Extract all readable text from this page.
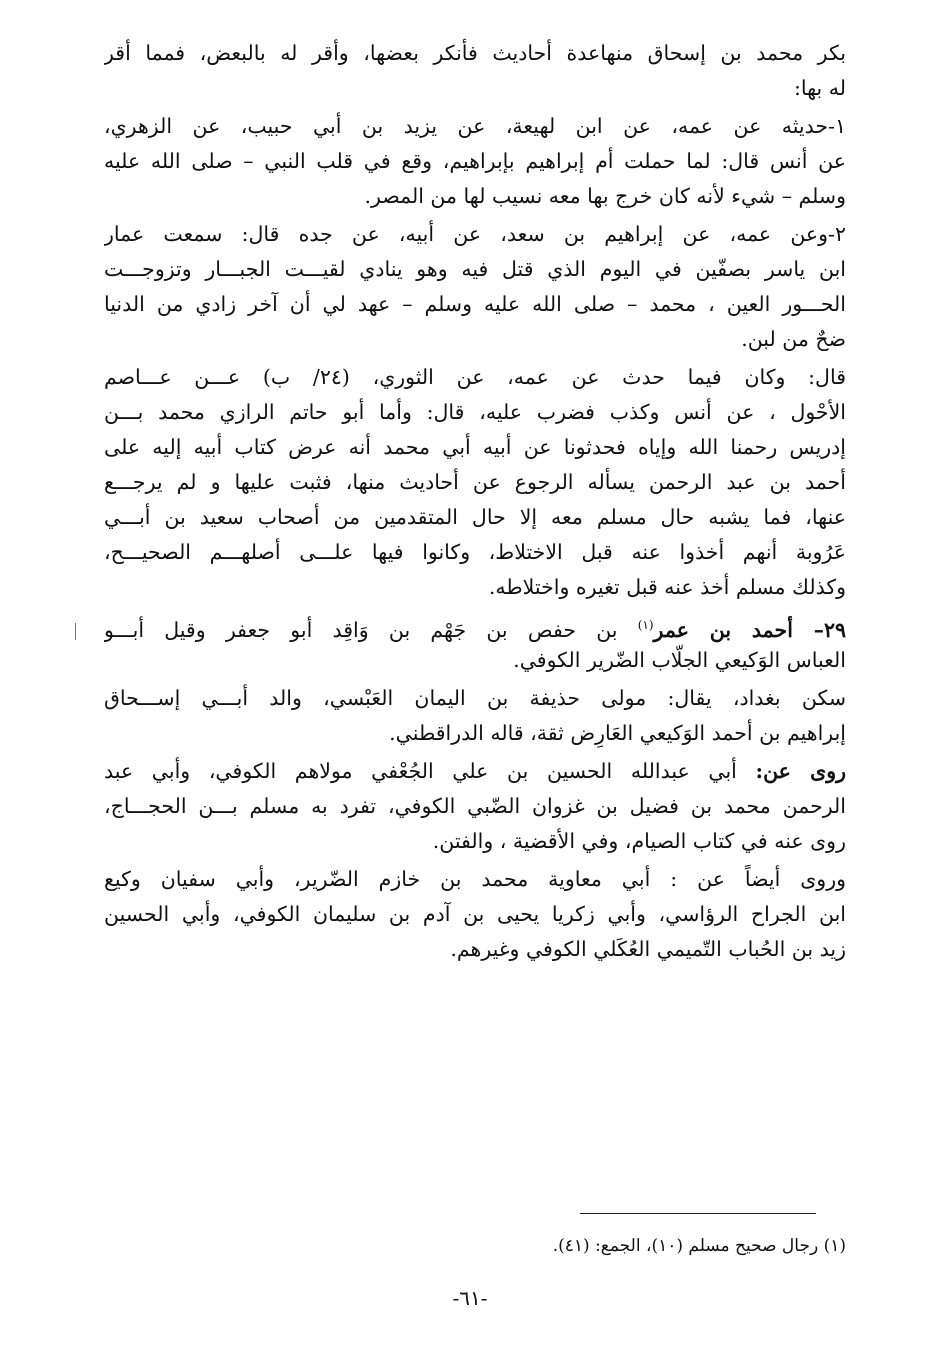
بكر محمد بن إسحاق منهاعدة أحاديث فأنكر بعضها، وأقر له بالبعض، فمما أقر
له بها:
١-حديثه عن عمه، عن ابن لهيعة، عن يزيد بن أبي حبيب، عن الزهري،
عن أنس قال: لما حملت أم إبراهيم بإبراهيم، وقع في قلب النبي – صلى الله عليه
وسلم – شيء لأنه كان خرج بها معه نسيب لها من المصر.
٢-وعن عمه، عن إبراهيم بن سعد، عن أبيه، عن جده قال: سمعت عمار
ابن ياسر بصفّين في اليوم الذي قتل فيه وهو ينادي لقيـــت الجبـــار وتزوجـــت
الحـــور العين ، محمد – صلى الله عليه وسلم – عهد لي أن آخر زادي من الدنيا
ضحٌ من لبن.
قال: وكان فيما حدث عن عمه، عن الثوري، (٢٤/ ب) عـــن عـــاصم
الأحْول ، عن أنس وكذب فضرب عليه، قال: وأما أبو حاتم الرازي محمد بـــن
إدريس رحمنا الله وإياه فحدثونا عن أبيه أبي محمد أنه عرض كتاب أبيه إليه على
أحمد بن عبد الرحمن يسأله الرجوع عن أحاديث منها، فثبت عليها و لم يرجـــع
عنها، فما يشبه حال مسلم معه إلا حال المتقدمين من أصحاب سعيد بن أبـــي
عَرُوبة أنهم أخذوا عنه قبل الاختلاط، وكانوا فيها علـــى أصلهـــم الصحيـــح،
وكذلك مسلم أخذ عنه قبل تغيره واختلاطه.
٢٩– أحمد بن عمر$^{(١)}$ بن حفص بن جَهْم بن وَاقِد أبو جعفر وقيل أبـــو
العباس الوَكيعي الجلّاب الضّرير الكوفي.
سكن بغداد، يقال: مولى حذيفة بن اليمان العَبْسي، والد أبـــي إســـحاق
إبراهيم بن أحمد الوَكيعي العَارِض ثقة، قاله الدراقطني.
روى عن: أبي عبدالله الحسين بن علي الجُعْفي مولاهم الكوفي، وأبي عبد
الرحمن محمد بن فضيل بن غزوان الضّبي الكوفي، تفرد به مسلم بـــن الحجـــاج،
روى عنه في كتاب الصيام، وفي الأقضية ، والفتن.
وروى أيضاً عن : أبي معاوية محمد بن خازم الضّرير، وأبي سفيان وكيع
ابن الجراح الرؤاسي، وأبي زكريا يحيى بن آدم بن سليمان الكوفي، وأبي الحسين
زيد بن الحُباب التّميمي العُكَلي الكوفي وغيرهم.
(١) رجال صحيح مسلم (١٠)، الجمع: (٤١).
-٦١-
